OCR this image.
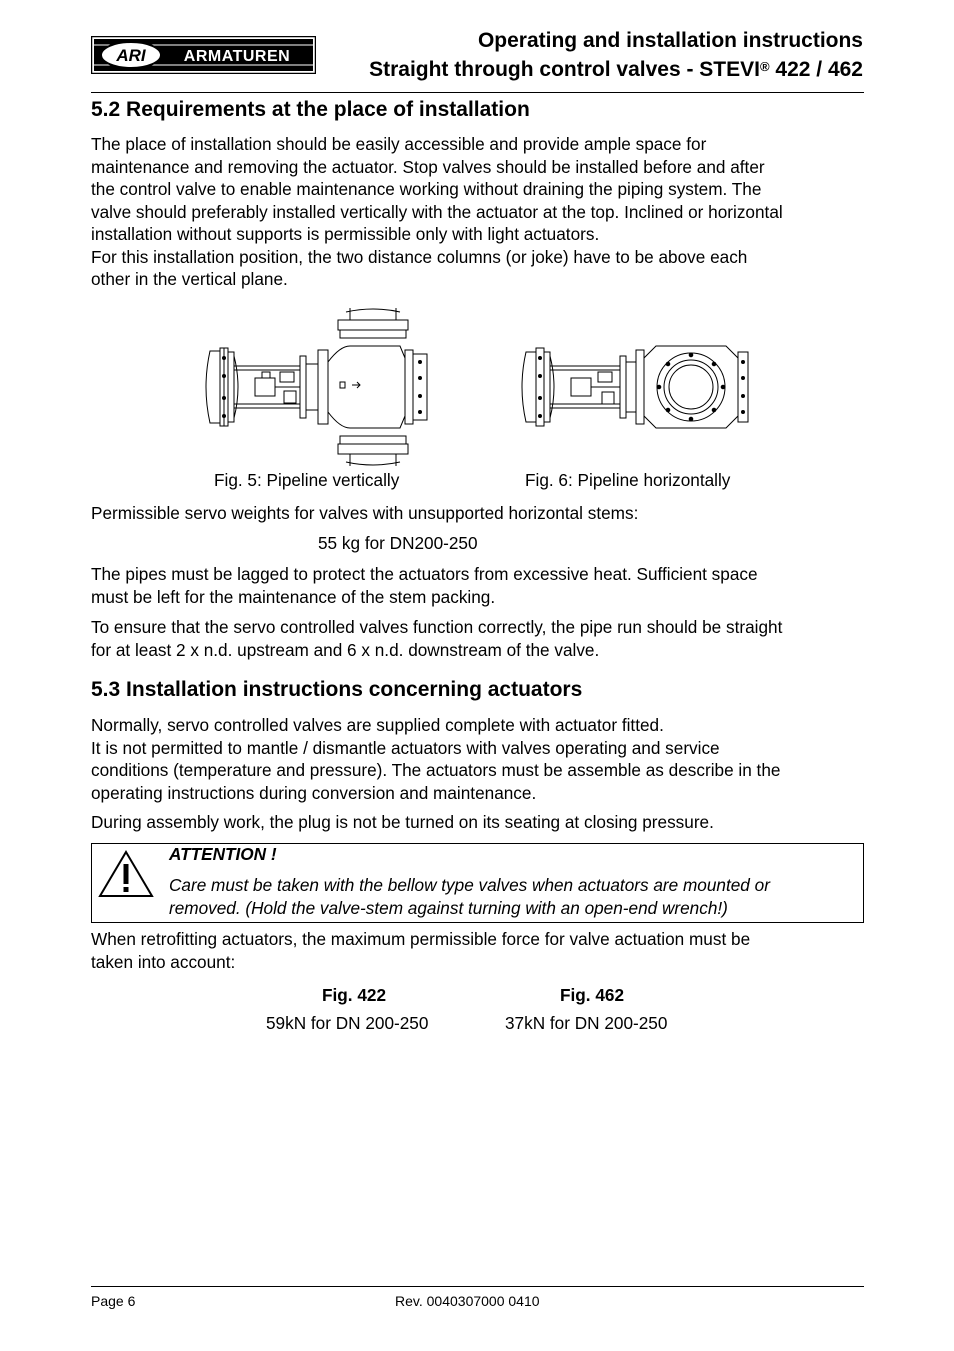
ARI ARMATUREN
Operating and installation instructions
Straight through control valves - STEVI® 422 / 462
5.2 Requirements at the place of installation
The place of installation should be easily accessible and provide ample space for
maintenance and removing the actuator. Stop valves should be installed before and after
the control valve to enable maintenance working without draining the piping system. The
valve should preferably installed vertically with the actuator at the top. Inclined or horizontal
installation without supports is permissible only with light actuators.
For this installation position, the two distance columns (or joke) have to be above each
other in the vertical plane.
Fig. 5: Pipeline vertically	Fig. 6: Pipeline horizontally
Permissible servo weights for valves with unsupported horizontal stems:
55 kg for DN200-250
The pipes must be lagged to protect the actuators from excessive heat. Sufficient space
must be left for the maintenance of the stem packing.
To ensure that the servo controlled valves function correctly, the pipe run should be straight
for at least 2 x n.d. upstream and 6 x n.d. downstream of the valve.
5.3 Installation instructions concerning actuators
Normally, servo controlled valves are supplied complete with actuator fitted.
It is not permitted to mantle / dismantle actuators with valves operating and service
conditions (temperature and pressure). The actuators must be assemble as describe in the
operating instructions during conversion and maintenance.
During assembly work, the plug is not be turned on its seating at closing pressure.
ATTENTION !
Care must be taken with the bellow type valves when actuators are mounted or
removed. (Hold the valve-stem against turning with an open-end wrench!)
When retrofitting actuators, the maximum permissible force for valve actuation must be
taken into account:
Fig. 422	Fig. 462
59kN for DN 200-250	37kN for DN 200-250
Page 6	Rev. 0040307000 0410
